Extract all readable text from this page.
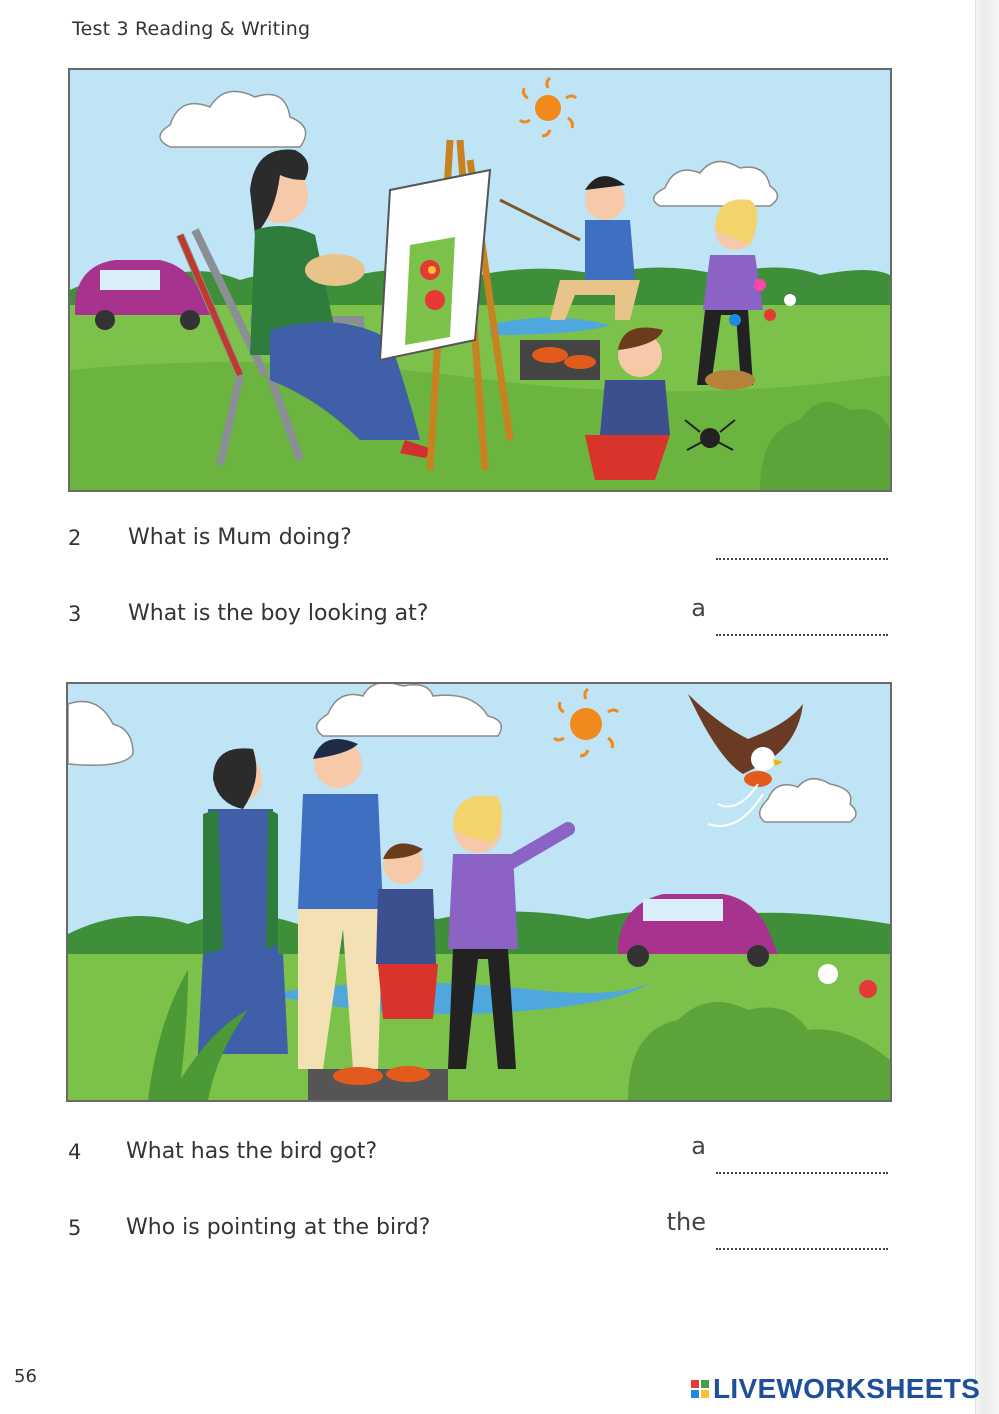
Test 3 Reading & Writing
2 What is Mum doing?
3 What is the boy looking at?	a
4 What has the bird got?	a
5 Who is pointing at the bird?	the
56	LIVEWORKSHEETS
